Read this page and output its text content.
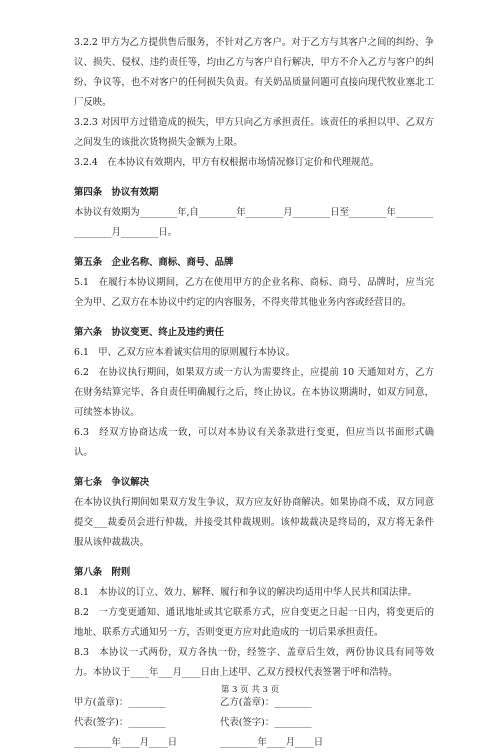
3.2.2 甲方为乙方提供售后服务，不针对乙方客户。对于乙方与其客户之间的纠纷、争议、损失、侵权、违约责任等，均由乙方与客户自行解决，甲方不介入乙方与客户的纠纷、争议等，也不对客户的任何损失负责。有关奶品质量问题可直接向现代牧业塞北工厂反映。

3.2.3 对因甲方过错造成的损失，甲方只向乙方承担责任。该责任的承担以甲、乙双方之间发生的该批次货物损失金额为上限。

3.2.4　在本协议有效期内，甲方有权根据市场情况修订定价和代理规范。

第四条　协议有效期

本协议有效期为________年,自________年________月________日至________年________

________月________日。

第五条　企业名称、商标、商号、品牌

5.1　在履行本协议期间，乙方在使用甲方的企业名称、商标、商号、品牌时，应当完全为甲、乙双方在本协议中约定的内容服务，不得夹带其他业务内容或经营目的。

第六条　协议变更、终止及违约责任

6.1　甲、乙双方应本着诚实信用的原则履行本协议。

6.2　在协议执行期间，如果双方或一方认为需要终止，应提前 10 天通知对方，乙方在财务结算完毕、各自责任明确履行之后，终止协议。在本协议期满时，如双方同意，可续签本协议。

6.3　经双方协商达成一致，可以对本协议有关条款进行变更，但应当以书面形式确认。

第七条　争议解决

在本协议执行期间如果双方发生争议，双方应友好协商解决。如果协商不成，双方同意提交___裁委员会进行仲裁，并接受其仲裁规则。该仲裁裁决是终局的，双方将无条件服从该仲裁裁决。

第八条　附则

8.1　本协议的订立、效力、解释、履行和争议的解决均适用中华人民共和国法律。

8.2　一方变更通知、通讯地址或其它联系方式，应自变更之日起一日内，将变更后的地址、联系方式通知另一方，否则变更方应对此造成的一切后果承担责任。

8.3　本协议一式两份，双方各执一份，经签字、盖章后生效，两份协议具有同等效力。本协议于____年___月____日由上述甲、乙双方授权代表签署于呼和浩特。

甲方(盖章)：________	乙方(盖章)：________
代表(签字)：________	代表(签字)：________
________年____月____日	________年____月____日
第 3 页 共 3 页
